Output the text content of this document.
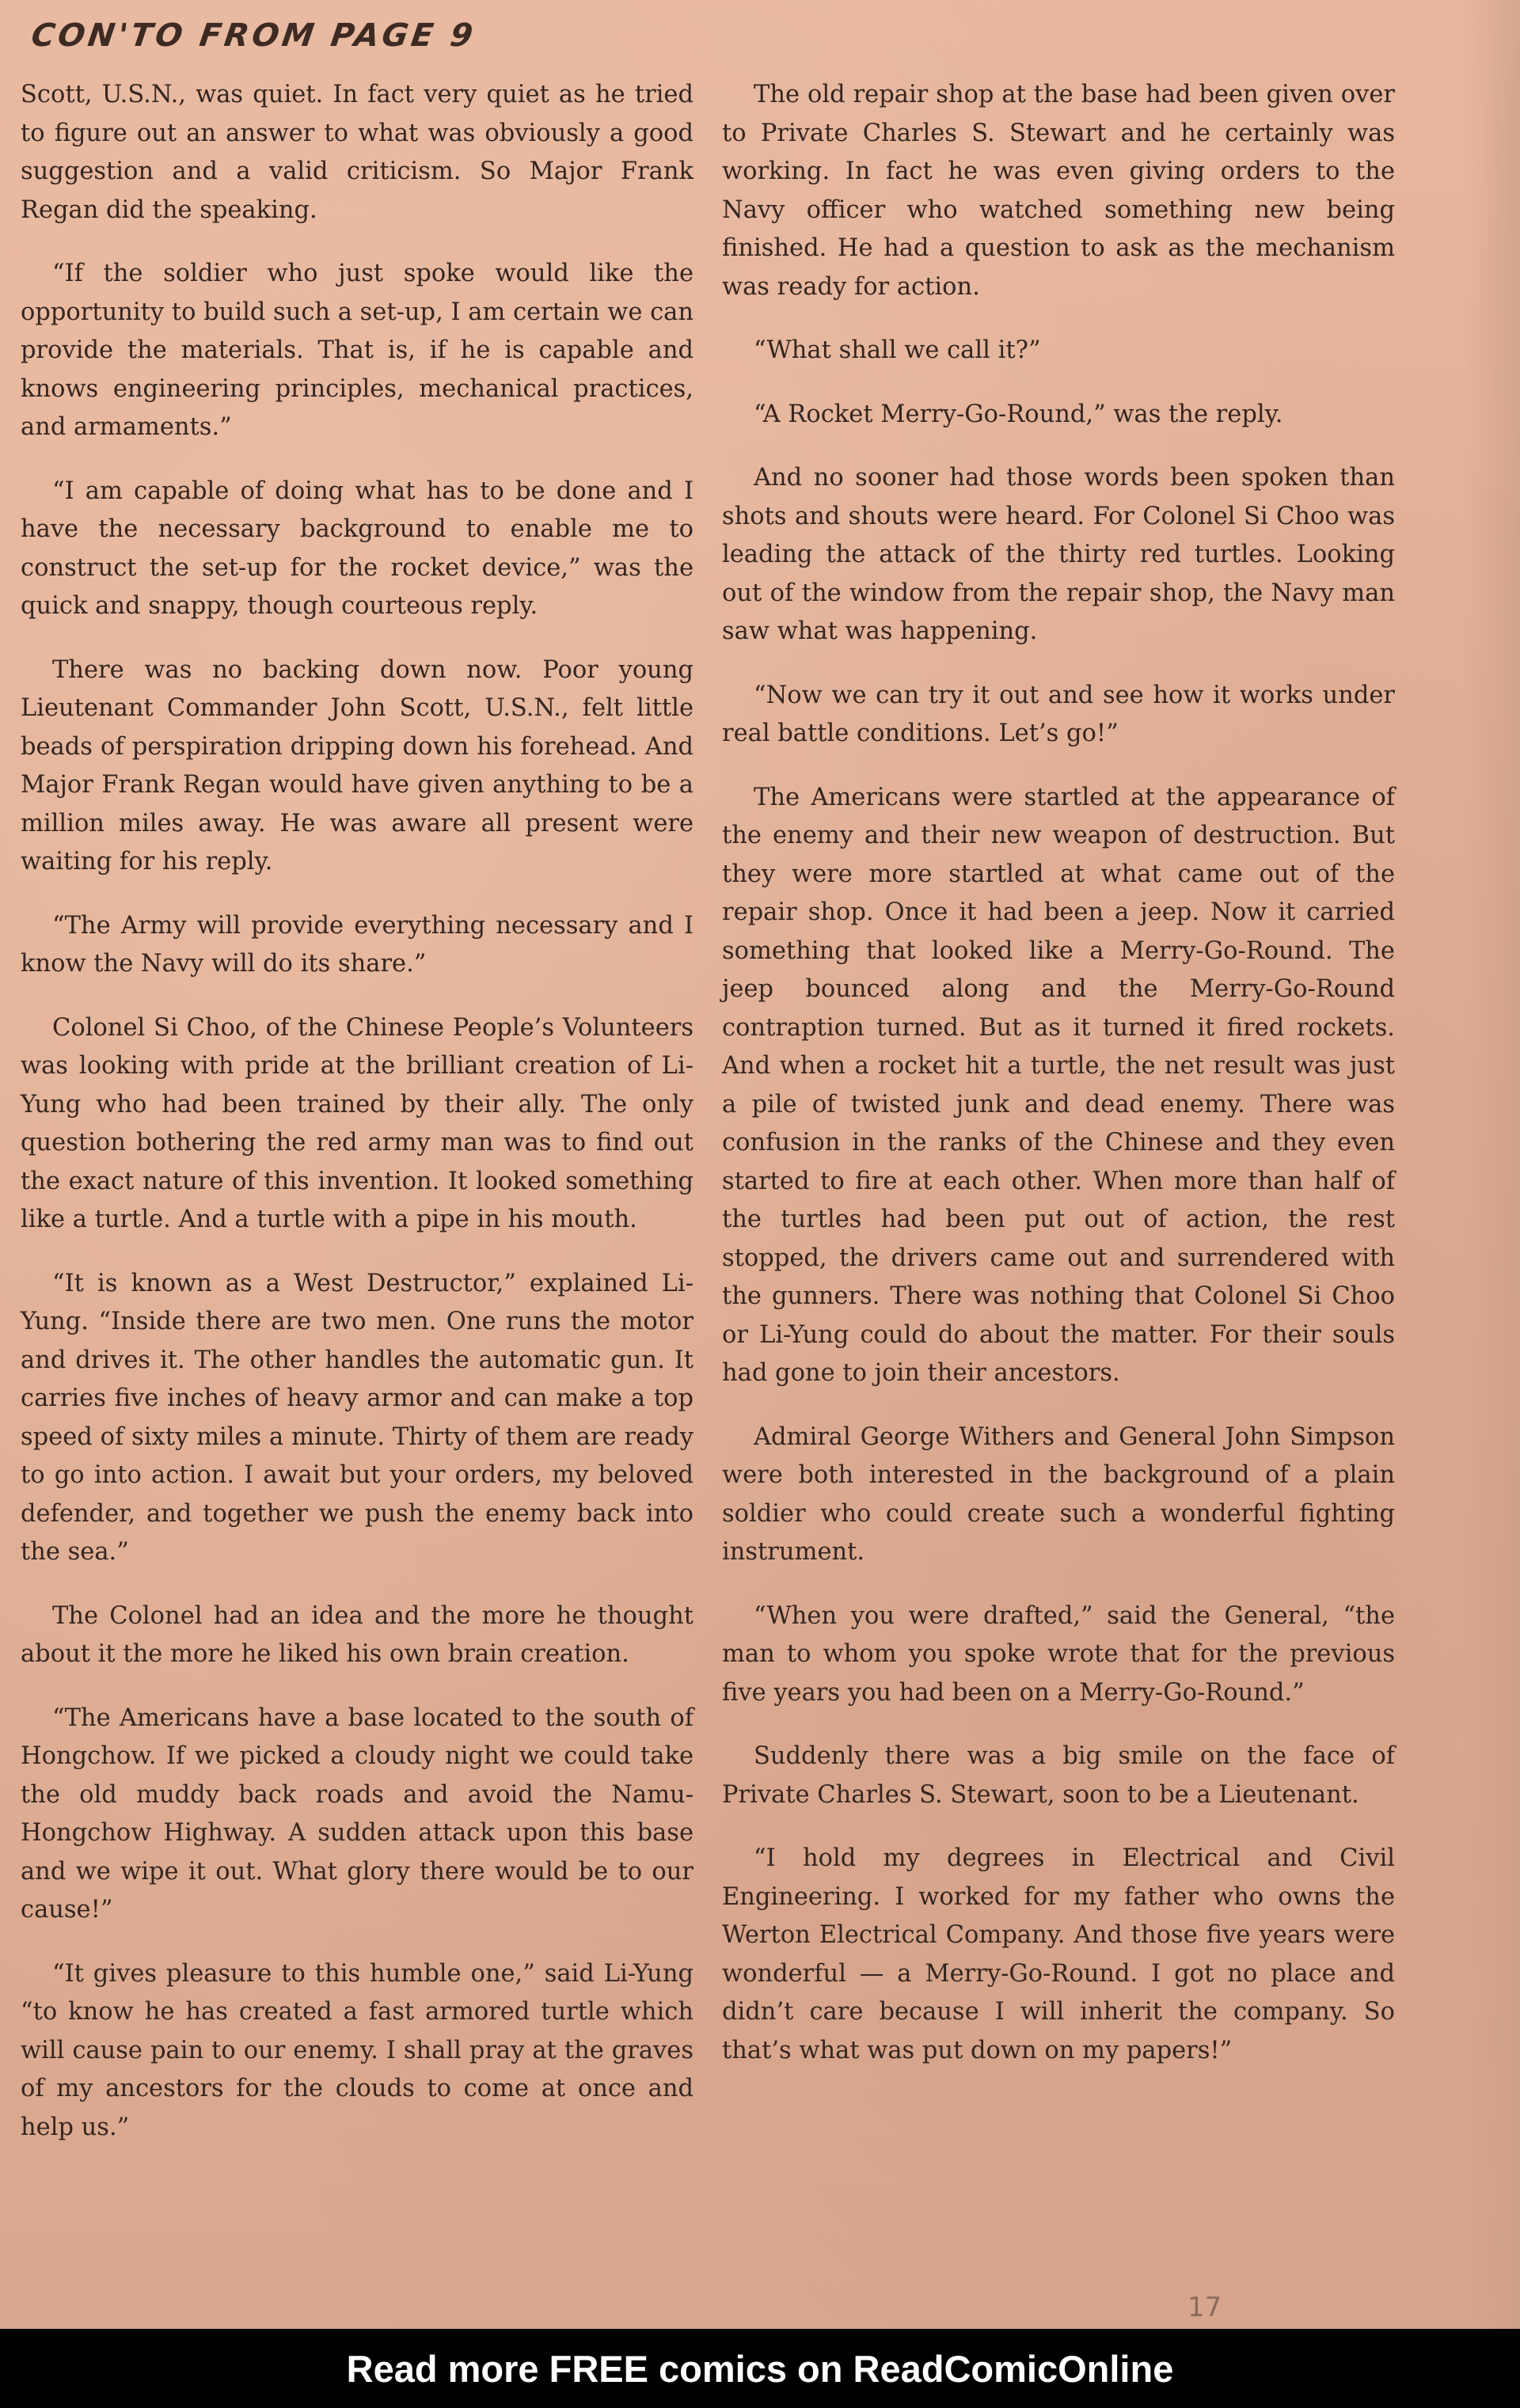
CON'TO FROM PAGE 9

Scott, U.S.N., was quiet. In fact very quiet as he tried to figure out an answer to what was obviously a good suggestion and a valid criticism. So Major Frank Regan did the speaking.

“If the soldier who just spoke would like the opportunity to build such a set-up, I am certain we can provide the materials. That is, if he is capable and knows engineering principles, mechanical practices, and armaments.”

“I am capable of doing what has to be done and I have the necessary background to enable me to construct the set-up for the rocket device,” was the quick and snappy, though courteous reply.

There was no backing down now. Poor young Lieutenant Commander John Scott, U.S.N., felt little beads of perspiration dripping down his forehead. And Major Frank Regan would have given anything to be a million miles away. He was aware all present were waiting for his reply.

“The Army will provide everything necessary and I know the Navy will do its share.”

Colonel Si Choo, of the Chinese People’s Volunteers was looking with pride at the brilliant creation of Li-Yung who had been trained by their ally. The only question bothering the red army man was to find out the exact nature of this invention. It looked something like a turtle. And a turtle with a pipe in his mouth.

“It is known as a West Destructor,” explained Li-Yung. “Inside there are two men. One runs the motor and drives it. The other handles the automatic gun. It carries five inches of heavy armor and can make a top speed of sixty miles a minute. Thirty of them are ready to go into action. I await but your orders, my beloved defender, and together we push the enemy back into the sea.”

The Colonel had an idea and the more he thought about it the more he liked his own brain creation.

“The Americans have a base located to the south of Hongchow. If we picked a cloudy night we could take the old muddy back roads and avoid the Namu-Hongchow Highway. A sudden attack upon this base and we wipe it out. What glory there would be to our cause!”

“It gives pleasure to this humble one,” said Li-Yung “to know he has created a fast armored turtle which will cause pain to our enemy. I shall pray at the graves of my ancestors for the clouds to come at once and help us.”

The old repair shop at the base had been given over to Private Charles S. Stewart and he certainly was working. In fact he was even giving orders to the Navy officer who watched something new being finished. He had a question to ask as the mechanism was ready for action.

“What shall we call it?”

“A Rocket Merry-Go-Round,” was the reply.

And no sooner had those words been spoken than shots and shouts were heard. For Colonel Si Choo was leading the attack of the thirty red turtles. Looking out of the window from the repair shop, the Navy man saw what was happening.

“Now we can try it out and see how it works under real battle conditions. Let’s go!”

The Americans were startled at the appearance of the enemy and their new weapon of destruction. But they were more startled at what came out of the repair shop. Once it had been a jeep. Now it carried something that looked like a Merry-Go-Round. The jeep bounced along and the Merry-Go-Round contraption turned. But as it turned it fired rockets. And when a rocket hit a turtle, the net result was just a pile of twisted junk and dead enemy. There was confusion in the ranks of the Chinese and they even started to fire at each other. When more than half of the turtles had been put out of action, the rest stopped, the drivers came out and surrendered with the gunners. There was nothing that Colonel Si Choo or Li-Yung could do about the matter. For their souls had gone to join their ancestors.

Admiral George Withers and General John Simpson were both interested in the background of a plain soldier who could create such a wonderful fighting instrument.

“When you were drafted,” said the General, “the man to whom you spoke wrote that for the previous five years you had been on a Merry-Go-Round.”

Suddenly there was a big smile on the face of Private Charles S. Stewart, soon to be a Lieutenant.

“I hold my degrees in Electrical and Civil Engineering. I worked for my father who owns the Werton Electrical Company. And those five years were wonderful — a Merry-Go-Round. I got no place and didn’t care because I will inherit the company. So that’s what was put down on my papers!”

17
Read more FREE comics on ReadComicOnline
